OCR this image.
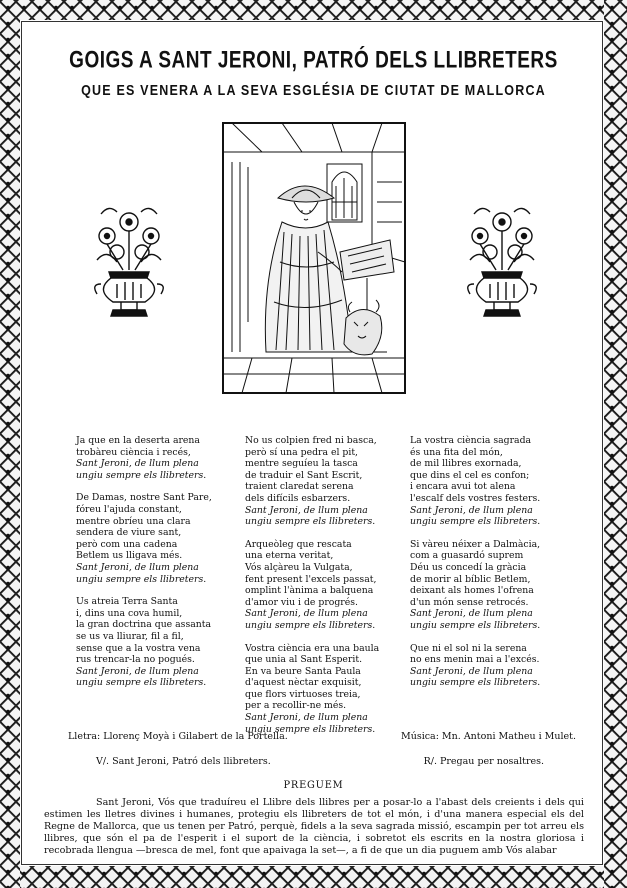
GOIGS A SANT JERONI, PATRÓ DELS LLIBRETERS
QUE ES VENERA A LA SEVA ESGLÉSIA DE CIUTAT DE MALLORCA
Ja que en la deserta arena
trobàreu ciència i recés,
Sant Jeroni, de llum plena
ungiu sempre els llibreters.
De Damas, nostre Sant Pare,
fóreu l'ajuda constant,
mentre obríeu una clara
sendera de viure sant,
però com una cadena
Betlem us lligava més.
Sant Jeroni, de llum plena
ungiu sempre els llibreters.
Us atreia Terra Santa
i, dins una cova humil,
la gran doctrina que assanta
se us va lliurar, fil a fil,
sense que a la vostra vena
rus trencar-la no pogués.
Sant Jeroni, de llum plena
ungiu sempre els llibreters.
No us colpien fred ni basca,
però sí una pedra el pit,
mentre seguíeu la tasca
de traduir el Sant Escrit,
traient claredat serena
dels difícils esbarzers.
Sant Jeroni, de llum plena
ungiu sempre els llibreters.
Arqueòleg que rescata
una eterna veritat,
Vós alçàreu la Vulgata,
fent present l'excels passat,
omplint l'ànima a balquena
d'amor viu i de progrés.
Sant Jeroni, de llum plena
ungiu sempre els llibreters.
Vostra ciència era una baula
que unia al Sant Esperit.
En va beure Santa Paula
d'aquest nèctar exquisit,
que flors virtuoses treia,
per a recollir-ne més.
Sant Jeroni, de llum plena
ungiu sempre els llibreters.
La vostra ciència sagrada
és una fita del món,
de mil llibres exornada,
que dins el cel es confon;
i encara avui tot alena
l'escalf dels vostres festers.
Sant Jeroni, de llum plena
ungiu sempre els llibreters.
Si vàreu néixer a Dalmàcia,
com a guasardó suprem
Déu us concedí la gràcia
de morir al bíblic Betlem,
deixant als homes l'ofrena
d'un món sense retrocés.
Sant Jeroni, de llum plena
ungiu sempre els llibreters.
Que ni el sol ni la serena
no ens menin mai a l'excés.
Sant Jeroni, de llum plena
ungiu sempre els llibreters.
Lletra: Llorenç Moyà i Gilabert de la Portella.	Música: Mn. Antoni Matheu i Mulet.
V/. Sant Jeroni, Patró dels llibreters.	R/. Pregau per nosaltres.
PREGUEM
Sant Jeroni, Vós que traduíreu el Llibre dels llibres per a posar-lo a l'abast dels creients i dels qui estimen les lletres divines i humanes, protegiu els llibreters de tot el món, i d'una manera especial els del Regne de Mallorca, que us tenen per Patró, perquè, fidels a la seva sagrada missió, escampin per tot arreu els llibres, que són el pa de l'esperit i el suport de la ciència, i sobretot els escrits en la nostra gloriosa i recobrada llengua —bresca de mel, font que apaivaga la set—, a fi de que un dia puguem amb Vós alabar
